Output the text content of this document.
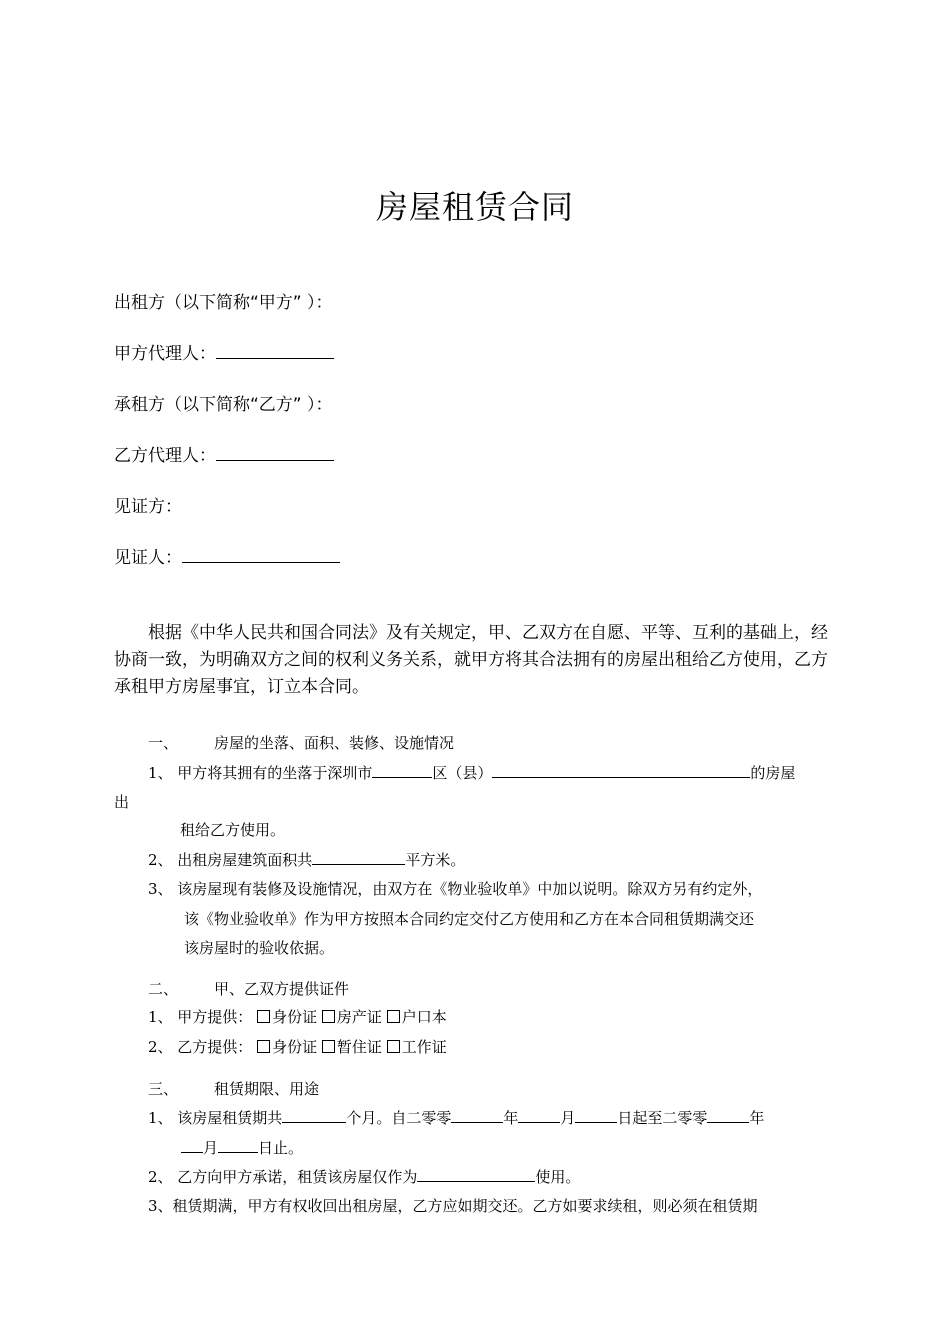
房屋租赁合同
出租方（以下简称“甲方” ）：
甲方代理人：
承租方（以下简称“乙方” ）：
乙方代理人：
见证方：
见证人：
根据《中华人民共和国合同法》及有关规定，甲、乙双方在自愿、平等、互利的基础上，经协商一致，为明确双方之间的权利义务关系，就甲方将其合法拥有的房屋出租给乙方使用，乙方承租甲方房屋事宜，订立本合同。
一、 房屋的坐落、面积、装修、设施情况
1、 甲方将其拥有的坐落于深圳市	区（县）	的房屋
出
租给乙方使用。
2、 出租房屋建筑面积共	平方米。
3、 该房屋现有装修及设施情况，由双方在《物业验收单》中加以说明。除双方另有约定外，
该《物业验收单》作为甲方按照本合同约定交付乙方使用和乙方在本合同租赁期满交还
该房屋时的验收依据。
二、 甲、乙双方提供证件
1、 甲方提供： 身份证 房产证 户口本
2、 乙方提供： 身份证 暂住证 工作证
三、 租赁期限、用途
1、 该房屋租赁期共	个月。自二零零	年	月	日起至二零零	年
月	日止。
2、 乙方向甲方承诺，租赁该房屋仅作为	使用。
3、租赁期满，甲方有权收回出租房屋，乙方应如期交还。乙方如要求续租，则必须在租赁期
